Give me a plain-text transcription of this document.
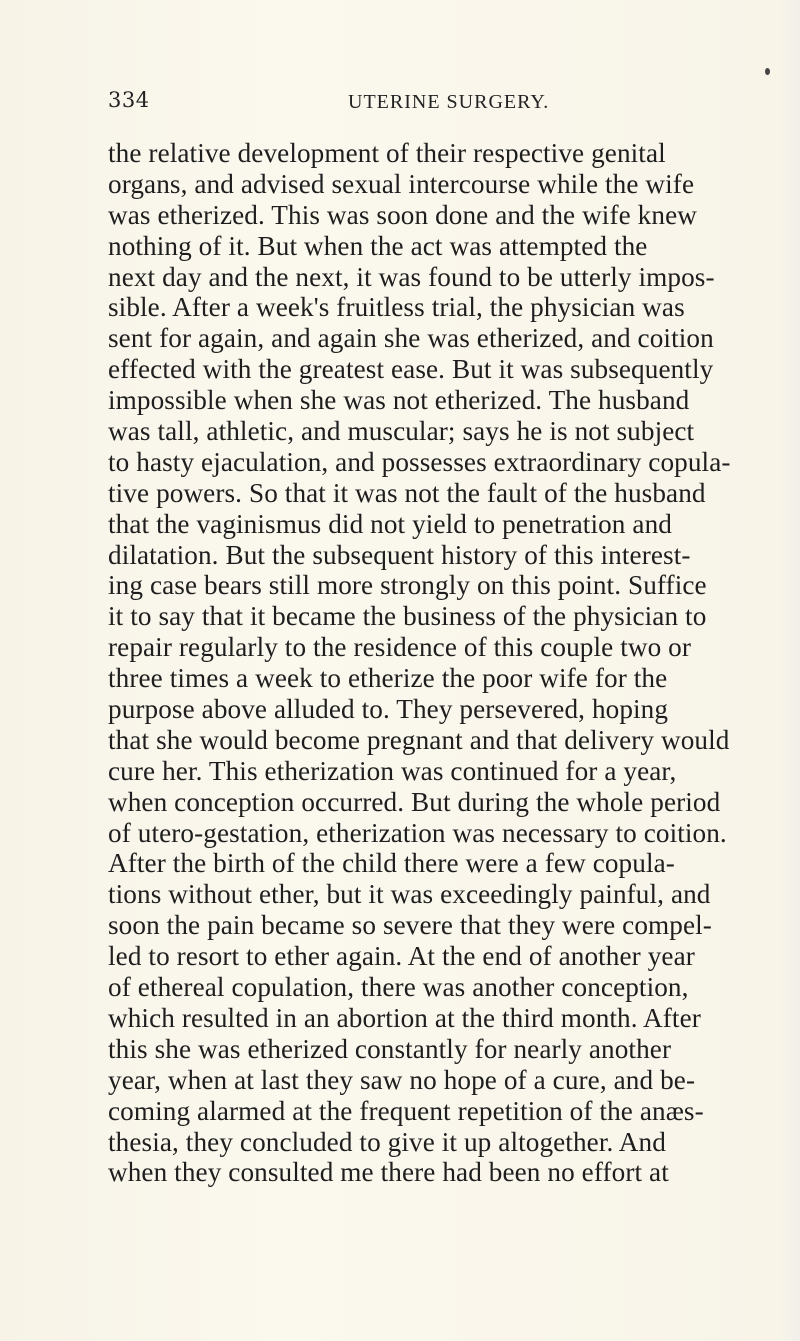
334	UTERINE SURGERY.
the relative development of their respective genital
organs, and advised sexual intercourse while the wife
was etherized. This was soon done and the wife knew
nothing of it. But when the act was attempted the
next day and the next, it was found to be utterly impos-
sible. After a week's fruitless trial, the physician was
sent for again, and again she was etherized, and coition
effected with the greatest ease. But it was subsequently
impossible when she was not etherized. The husband
was tall, athletic, and muscular; says he is not subject
to hasty ejaculation, and possesses extraordinary copula-
tive powers. So that it was not the fault of the husband
that the vaginismus did not yield to penetration and
dilatation. But the subsequent history of this interest-
ing case bears still more strongly on this point. Suffice
it to say that it became the business of the physician to
repair regularly to the residence of this couple two or
three times a week to etherize the poor wife for the
purpose above alluded to. They persevered, hoping
that she would become pregnant and that delivery would
cure her. This etherization was continued for a year,
when conception occurred. But during the whole period
of utero-gestation, etherization was necessary to coition.
After the birth of the child there were a few copula-
tions without ether, but it was exceedingly painful, and
soon the pain became so severe that they were compel-
led to resort to ether again. At the end of another year
of ethereal copulation, there was another conception,
which resulted in an abortion at the third month. After
this she was etherized constantly for nearly another
year, when at last they saw no hope of a cure, and be-
coming alarmed at the frequent repetition of the anæs-
thesia, they concluded to give it up altogether. And
when they consulted me there had been no effort at
